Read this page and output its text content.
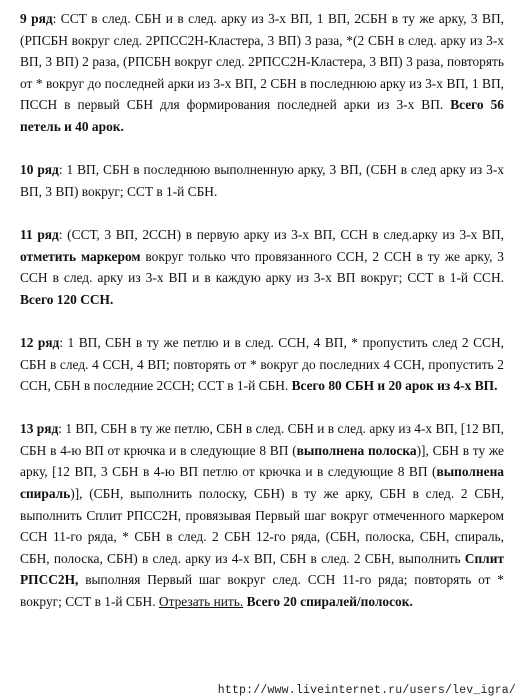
9 ряд: ССТ в след. СБН и в след. арку из 3-х ВП, 1 ВП, 2СБН в ту же арку, 3 ВП, (РПСБН вокруг след. 2РПСС2Н-Кластера, 3 ВП) 3 раза, *(2 СБН в след. арку из 3-х ВП, 3 ВП) 2 раза, (РПСБН вокруг след. 2РПСС2Н-Кластера, 3 ВП) 3 раза, повторять от * вокруг до последней арки из 3-х ВП, 2 СБН в последнюю арку из 3-х ВП, 1 ВП, ПССН в первый СБН для формирования последней арки из 3-х ВП. Всего 56 петель и 40 арок.

10 ряд: 1 ВП, СБН в последнюю выполненную арку, 3 ВП, (СБН в след арку из 3-х ВП, 3 ВП) вокруг; ССТ в 1-й СБН.

11 ряд: (ССТ, 3 ВП, 2ССН) в первую арку из 3-х ВП, ССН в след.арку из 3-х ВП, отметить маркером вокруг только что провязанного ССН, 2 ССН в ту же арку, 3 ССН в след. арку из 3-х ВП и в каждую арку из 3-х ВП вокруг; ССТ в 1-й ССН. Всего 120 ССН.

12 ряд: 1 ВП, СБН в ту же петлю и в след. ССН, 4 ВП, * пропустить след 2 ССН, СБН в след. 4 ССН, 4 ВП; повторять от * вокруг до последних 4 ССН, пропустить 2 ССН, СБН в последние 2ССН; ССТ в 1-й СБН. Всего 80 СБН и 20 арок из 4-х ВП.

13 ряд: 1 ВП, СБН в ту же петлю, СБН в след. СБН и в след. арку из 4-х ВП, [12 ВП, СБН в 4-ю ВП от крючка и в следующие 8 ВП (выполнена полоска)], СБН в ту же арку, [12 ВП, 3 СБН в 4-ю ВП петлю от крючка и в следующие 8 ВП (выполнена спираль)], (СБН, выполнить полоску, СБН) в ту же арку, СБН в след. 2 СБН, выполнить Сплит РПСС2Н, провязывая Первый шаг вокруг отмеченного маркером ССН 11-го ряда, * СБН в след. 2 СБН 12-го ряда, (СБН, полоска, СБН, спираль, СБН, полоска, СБН) в след. арку из 4-х ВП, СБН в след. 2 СБН, выполнить Сплит РПСС2Н, выполняя Первый шаг вокруг след. ССН 11-го ряда; повторять от * вокруг; ССТ в 1-й СБН. Отрезать нить. Всего 20 спиралей/полосок.

http://www.liveinternet.ru/users/lev_igra/
